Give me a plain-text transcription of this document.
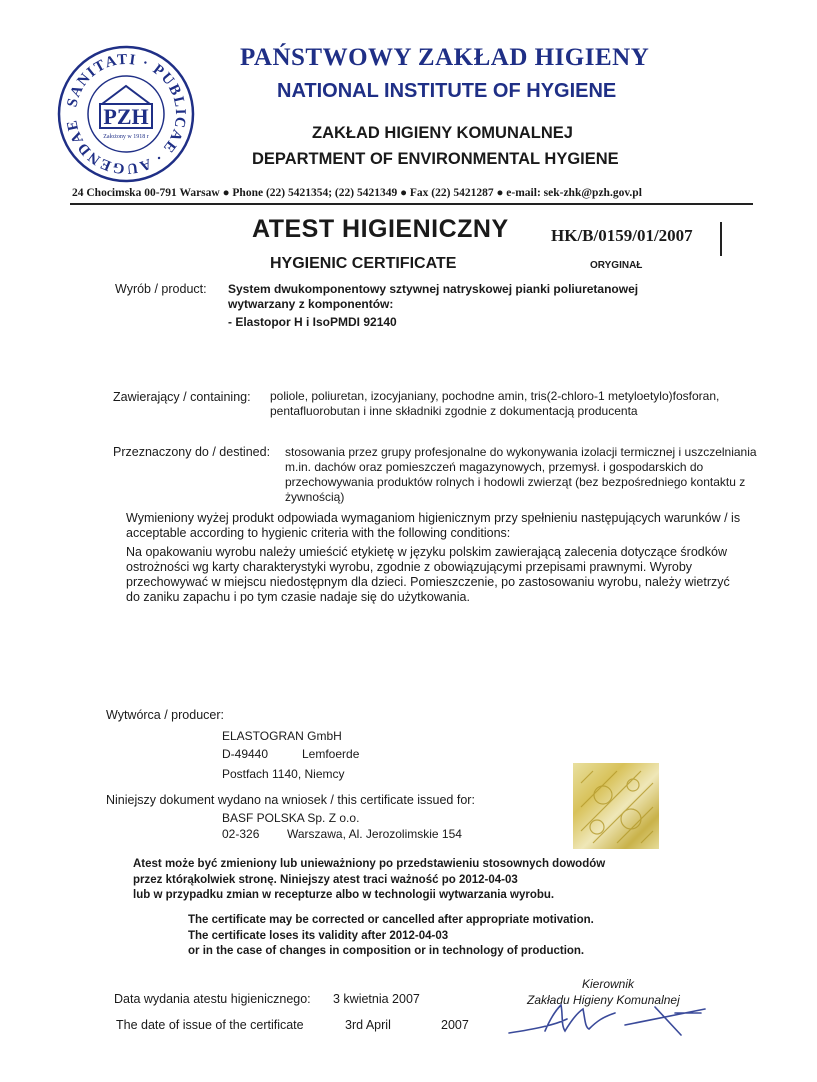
SANITATI · PUBLICAE · AUGENDAE PZH
Założony w 1918 r
PAŃSTWOWY ZAKŁAD HIGIENY
NATIONAL INSTITUTE OF HYGIENE
ZAKŁAD HIGIENY KOMUNALNEJ
DEPARTMENT OF ENVIRONMENTAL HYGIENE
24 Chocimska 00-791 Warsaw ● Phone (22) 5421354; (22) 5421349 ● Fax (22) 5421287 ● e-mail: sek-zhk@pzh.gov.pl
ATEST HIGIENICZNY HK/B/0159/01/2007
HYGIENIC CERTIFICATE	ORYGINAŁ
Wyrób / product: System dwukomponentowy sztywnej natryskowej pianki poliuretanowej
wytwarzany z komponentów:
- Elastopor H i IsoPMDI 92140
Zawierający / containing: poliole, poliuretan, izocyjaniany, pochodne amin, tris(2-chloro-1 metyloetylo)fosforan, pentafluorobutan i inne składniki zgodnie z dokumentacją producenta
Przeznaczony do / destined: stosowania przez grupy profesjonalne do wykonywania izolacji termicznej i uszczelniania m.in. dachów oraz pomieszczeń magazynowych, przemysł. i gospodarskich do przechowywania produktów rolnych i hodowli zwierząt (bez bezpośredniego kontaktu z żywnością)
Wymieniony wyżej produkt odpowiada wymaganiom higienicznym przy spełnieniu następujących warunków / is acceptable according to hygienic criteria with the following conditions:
Na opakowaniu wyrobu należy umieścić etykietę w języku polskim zawierającą zalecenia dotyczące środków ostrożności wg karty charakterystyki wyrobu, zgodnie z obowiązującymi przepisami prawnymi. Wyroby przechowywać w miejscu niedostępnym dla dzieci. Pomieszczenie, po zastosowaniu wyrobu, należy wietrzyć do zaniku zapachu i po tym czasie nadaje się do użytkowania.
Wytwórca / producer:
ELASTOGRAN GmbH
D-49440	Lemfoerde
Postfach 1140, Niemcy
Niniejszy dokument wydano na wniosek / this certificate issued for:
BASF POLSKA Sp. Z o.o.
02-326 Warszawa, Al. Jerozolimskie 154
Atest może być zmieniony lub unieważniony po przedstawieniu stosownych dowodów
przez którąkolwiek stronę. Niniejszy atest traci ważność po 2012-04-03
lub w przypadku zmian w recepturze albo w technologii wytwarzania wyrobu.
The certificate may be corrected or cancelled after appropriate motivation.
The certificate loses its validity after 2012-04-03
or in the case of changes in composition or in technology of production.
Data wydania atestu higienicznego: 3 kwietnia 2007
The date of issue of the certificate	3rd April	2007
Kierownik
Zakładu Higieny Komunalnej
